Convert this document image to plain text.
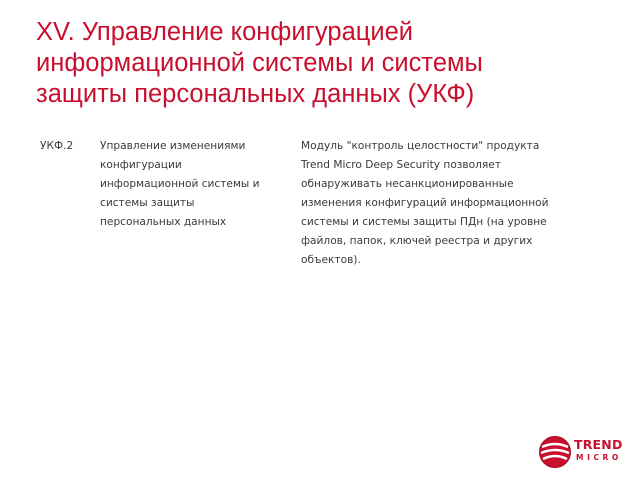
XV. Управление конфигурацией
информационной системы и системы
защиты персональных данных (УКФ)
УКФ.2	Управление изменениями
конфигурации
информационной системы и
системы защиты
персональных данных
Модуль "контроль целостности" продукта
Trend Micro Deep Security позволяет
обнаруживать несанкционированные
изменения конфигураций информационной
системы и системы защиты ПДн (на уровне
файлов, папок, ключей реестра и других
объектов).
TREND
MICRO
